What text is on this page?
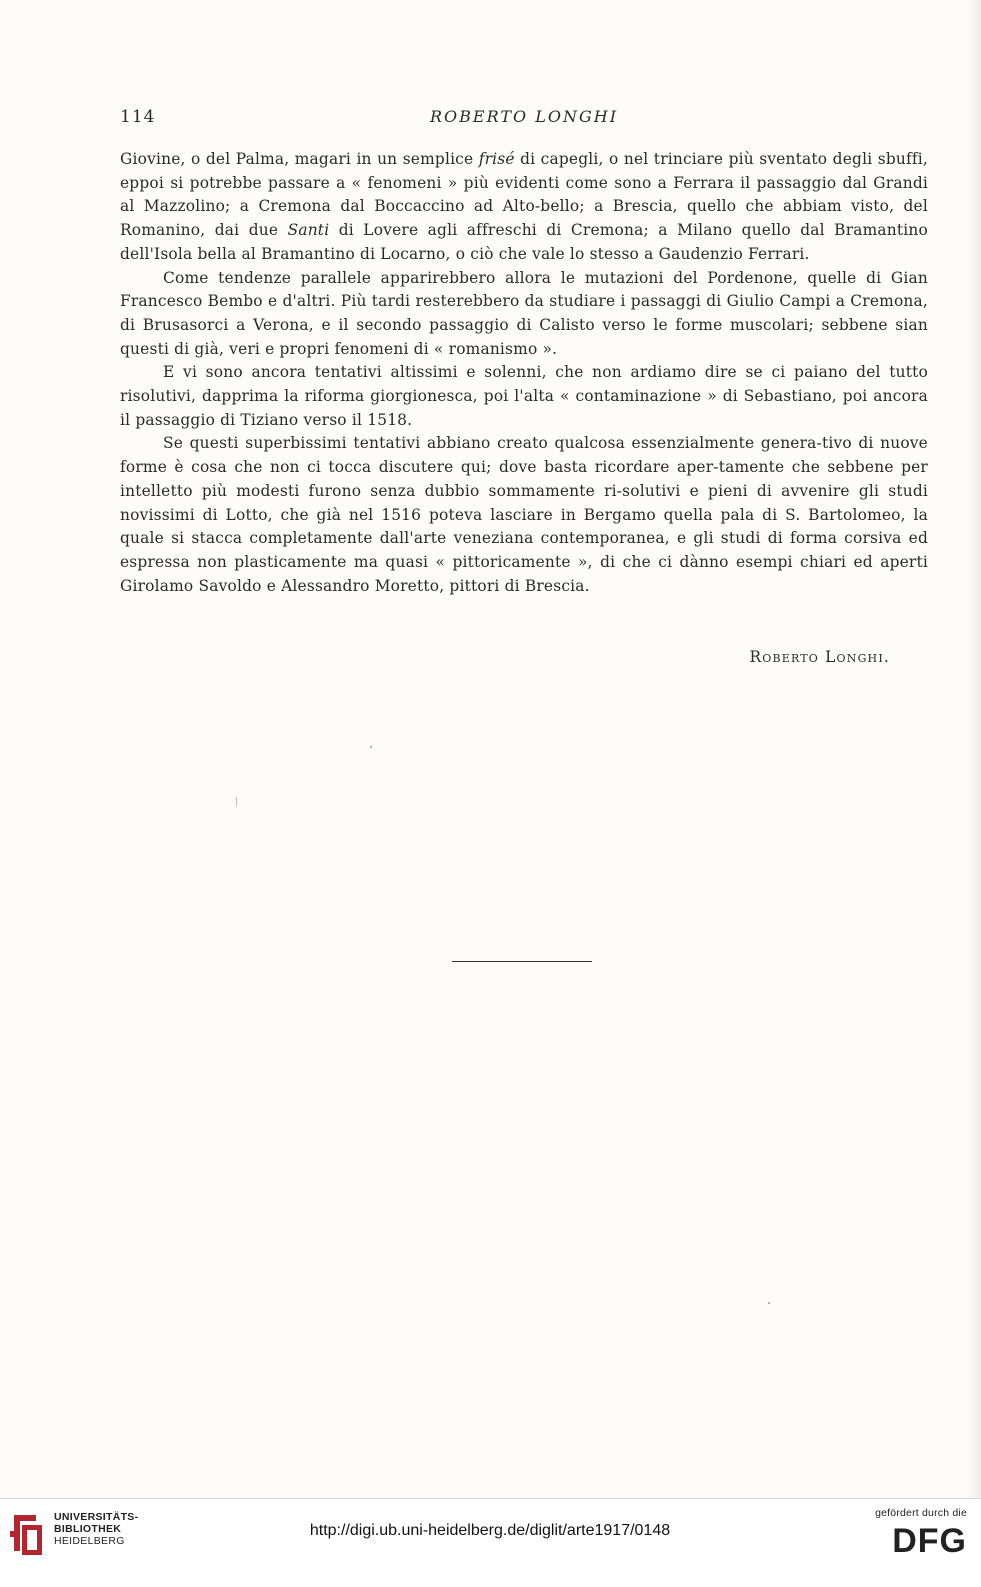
114	ROBERTO LONGHI

Giovine, o del Palma, magari in un semplice frisé di capegli, o nel trinciare più sventato degli sbuffi, eppoi si potrebbe passare a « fenomeni » più evidenti come sono a Ferrara il passaggio dal Grandi al Mazzolino; a Cremona dal Boccaccino ad Alto-bello; a Brescia, quello che abbiam visto, del Romanino, dai due Santi di Lovere agli affreschi di Cremona; a Milano quello dal Bramantino dell'Isola bella al Bramantino di Locarno, o ciò che vale lo stesso a Gaudenzio Ferrari.

Come tendenze parallele apparirebbero allora le mutazioni del Pordenone, quelle di Gian Francesco Bembo e d'altri. Più tardi resterebbero da studiare i passaggi di Giulio Campi a Cremona, di Brusasorci a Verona, e il secondo passaggio di Calisto verso le forme muscolari; sebbene sian questi di già, veri e propri fenomeni di « romanismo ».

E vi sono ancora tentativi altissimi e solenni, che non ardiamo dire se ci paiano del tutto risolutivi, dapprima la riforma giorgionesca, poi l'alta « contaminazione » di Sebastiano, poi ancora il passaggio di Tiziano verso il 1518.

Se questi superbissimi tentativi abbiano creato qualcosa essenzialmente genera-tivo di nuove forme è cosa che non ci tocca discutere qui; dove basta ricordare aper-tamente che sebbene per intelletto più modesti furono senza dubbio sommamente ri-solutivi e pieni di avvenire gli studi novissimi di Lotto, che già nel 1516 poteva lasciare in Bergamo quella pala di S. Bartolomeo, la quale si stacca completamente dall'arte veneziana contemporanea, e gli studi di forma corsiva ed espressa non plasticamente ma quasi « pittoricamente », di che ci dànno esempi chiari ed aperti Girolamo Savoldo e Alessandro Moretto, pittori di Brescia.

Roberto Longhi.
UNIVERSITÄTS-
BIBLIOTHEK
HEIDELBERG
http://digi.ub.uni-heidelberg.de/diglit/arte1917/0148
gefördert durch die
DFG
